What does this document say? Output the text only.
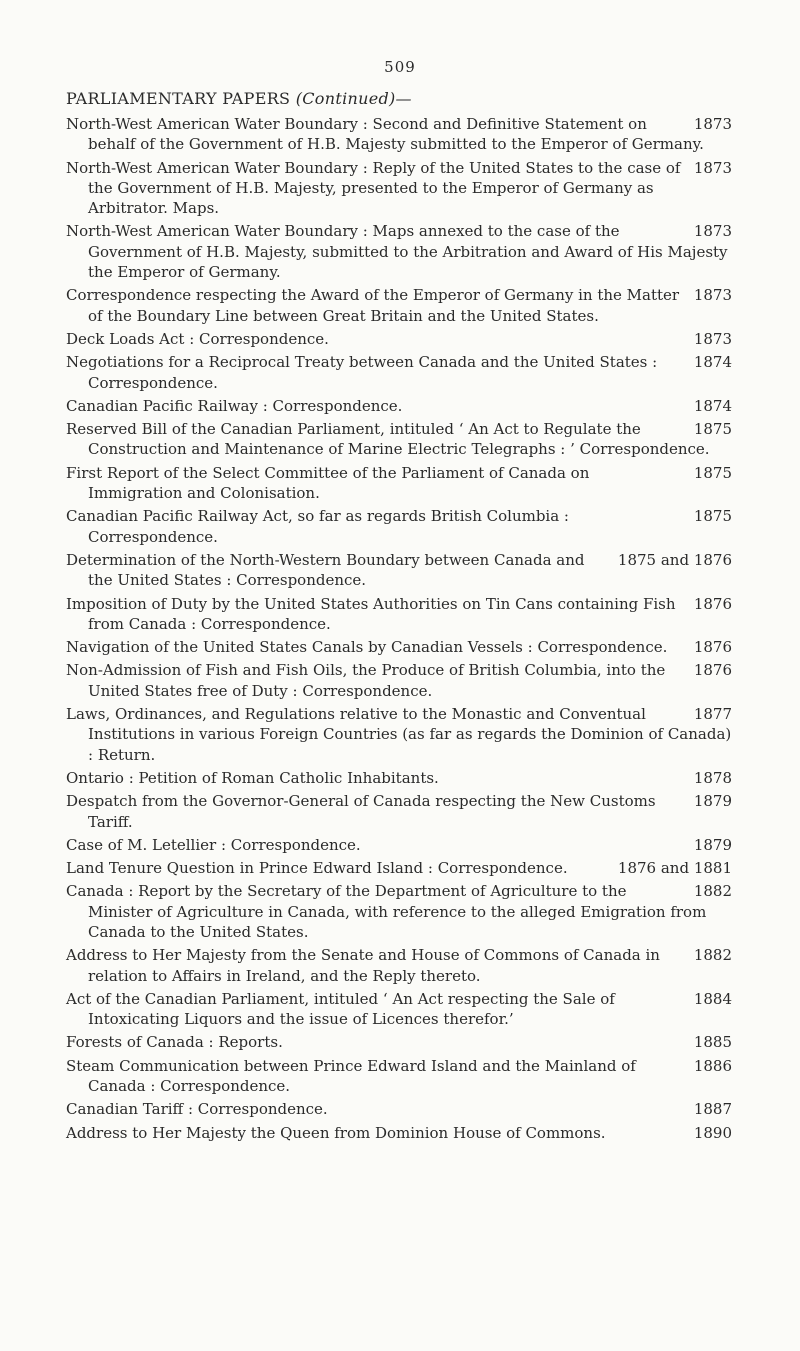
509
PARLIAMENTARY PAPERS (Continued)—
1873
North-West American Water Boundary : Second and Definitive Statement on behalf of the Government of H.B. Majesty submitted to the Emperor of Germany.
1873
North-West American Water Boundary : Reply of the United States to the case of the Government of H.B. Majesty, presented to the Emperor of Germany as Arbitrator. Maps.
1873
North-West American Water Boundary : Maps annexed to the case of the Government of H.B. Majesty, submitted to the Arbitration and Award of His Majesty the Emperor of Germany.
1873
Correspondence respecting the Award of the Emperor of Germany in the Matter of the Boundary Line between Great Britain and the United States.
1873
Deck Loads Act : Correspondence.
1874
Negotiations for a Reciprocal Treaty between Canada and the United States : Correspondence.
1874
Canadian Pacific Railway : Correspondence.
1875
Reserved Bill of the Canadian Parliament, intituled ‘ An Act to Regulate the Construction and Maintenance of Marine Electric Telegraphs : ’ Correspondence.
1875
First Report of the Select Committee of the Parliament of Canada on Immigration and Colonisation.
1875
Canadian Pacific Railway Act, so far as regards British Columbia : Correspondence.
1875 and 1876
Determination of the North-Western Boundary between Canada and the United States : Correspondence.
1876
Imposition of Duty by the United States Authorities on Tin Cans containing Fish from Canada : Correspondence.
1876
Navigation of the United States Canals by Canadian Vessels : Correspondence.
1876
Non-Admission of Fish and Fish Oils, the Produce of British Columbia, into the United States free of Duty : Correspondence.
1877
Laws, Ordinances, and Regulations relative to the Monastic and Conventual Institutions in various Foreign Countries (as far as regards the Dominion of Canada) : Return.
1878
Ontario : Petition of Roman Catholic Inhabitants.
1879
Despatch from the Governor-General of Canada respecting the New Customs Tariff.
1879
Case of M. Letellier : Correspondence.
1876 and 1881
Land Tenure Question in Prince Edward Island : Correspondence.
1882
Canada : Report by the Secretary of the Department of Agriculture to the Minister of Agriculture in Canada, with reference to the alleged Emigration from Canada to the United States.
1882
Address to Her Majesty from the Senate and House of Commons of Canada in relation to Affairs in Ireland, and the Reply thereto.
1884
Act of the Canadian Parliament, intituled ‘ An Act respecting the Sale of Intoxicating Liquors and the issue of Licences therefor.’
1885
Forests of Canada : Reports.
1886
Steam Communication between Prince Edward Island and the Mainland of Canada : Correspondence.
1887
Canadian Tariff : Correspondence.
1890
Address to Her Majesty the Queen from Dominion House of Commons.
